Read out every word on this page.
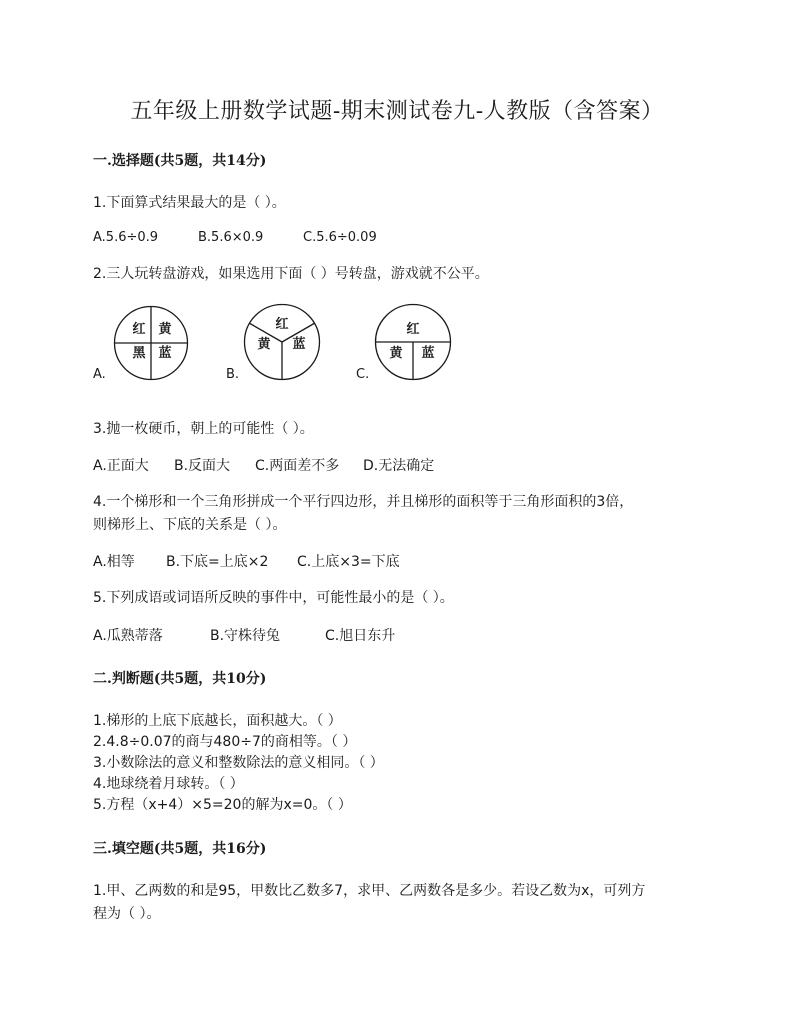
五年级上册数学试题-期末测试卷九-人教版（含答案）
一.选择题(共5题，共14分)
1.下面算式结果最大的是（ ）。
A.5.6÷0.9	B.5.6×0.9	C.5.6÷0.09
2.三人玩转盘游戏，如果选用下面（ ）号转盘，游戏就不公平。
A.
红 黄
黑 蓝
B.
红
黄 蓝
C.
红
黄 蓝
3.抛一枚硬币，朝上的可能性（ ）。
A.正面大 B.反面大 C.两面差不多 D.无法确定
4.一个梯形和一个三角形拼成一个平行四边形，并且梯形的面积等于三角形面积的3倍，
则梯形上、下底的关系是（ ）。
A.相等 B.下底=上底×2 C.上底×3=下底
5.下列成语或词语所反映的事件中，可能性最小的是（ ）。
A.瓜熟蒂落	B.守株待兔	C.旭日东升
二.判断题(共5题，共10分)
1.梯形的上底下底越长，面积越大。（ ）
2.4.8÷0.07的商与480÷7的商相等。（ ）
3.小数除法的意义和整数除法的意义相同。（ ）
4.地球绕着月球转。（ ）
5.方程（x+4）×5=20的解为x=0。（ ）
三.填空题(共5题，共16分)
1.甲、乙两数的和是95，甲数比乙数多7，求甲、乙两数各是多少。若设乙数为x，可列方
程为（ ）。
